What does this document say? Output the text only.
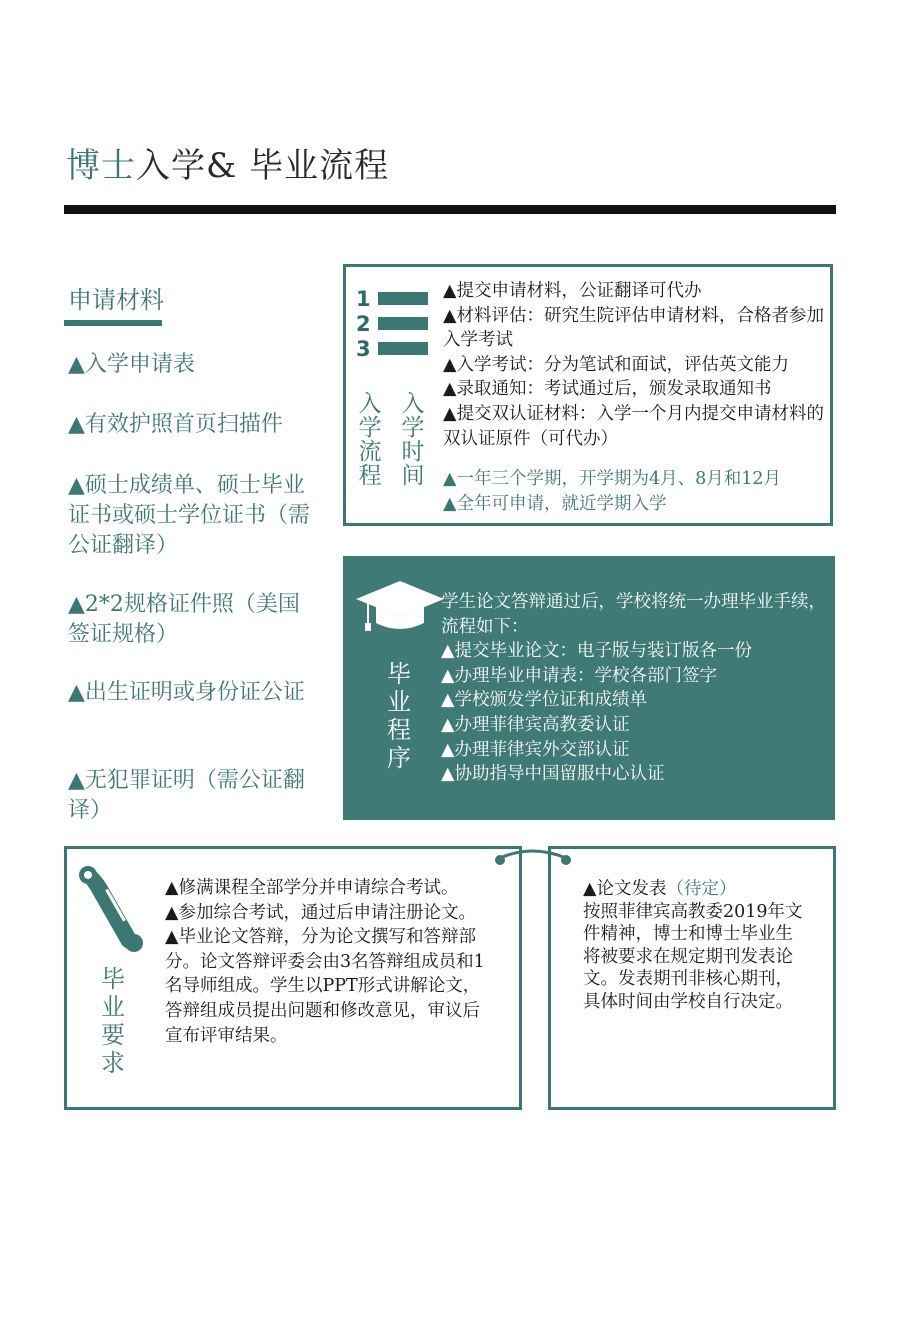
博士入学& 毕业流程
申请材料
▲入学申请表
▲有效护照首页扫描件
▲硕士成绩单、硕士毕业证书或硕士学位证书（需公证翻译）
▲2*2规格证件照（美国签证规格）
▲出生证明或身份证公证
▲无犯罪证明（需公证翻译）
1
2
3
入学流程
入学时间
▲提交申请材料，公证翻译可代办
▲材料评估：研究生院评估申请材料，合格者参加入学考试
▲入学考试：分为笔试和面试，评估英文能力
▲录取通知：考试通过后，颁发录取通知书
▲提交双认证材料：入学一个月内提交申请材料的双认证原件（可代办）
▲一年三个学期，开学期为4月、8月和12月
▲全年可申请，就近学期入学
毕业程序
学生论文答辩通过后，学校将统一办理毕业手续，流程如下：
▲提交毕业论文：电子版与装订版各一份
▲办理毕业申请表：学校各部门签字
▲学校颁发学位证和成绩单
▲办理菲律宾高教委认证
▲办理菲律宾外交部认证
▲协助指导中国留服中心认证
毕业要求
▲修满课程全部学分并申请综合考试。
▲参加综合考试，通过后申请注册论文。
▲毕业论文答辩，分为论文撰写和答辩部分。论文答辩评委会由3名答辩组成员和1名导师组成。学生以PPT形式讲解论文，答辩组成员提出问题和修改意见，审议后宣布评审结果。
▲论文发表（待定）
按照菲律宾高教委2019年文件精神，博士和博士毕业生将被要求在规定期刊发表论文。发表期刊非核心期刊，具体时间由学校自行决定。
